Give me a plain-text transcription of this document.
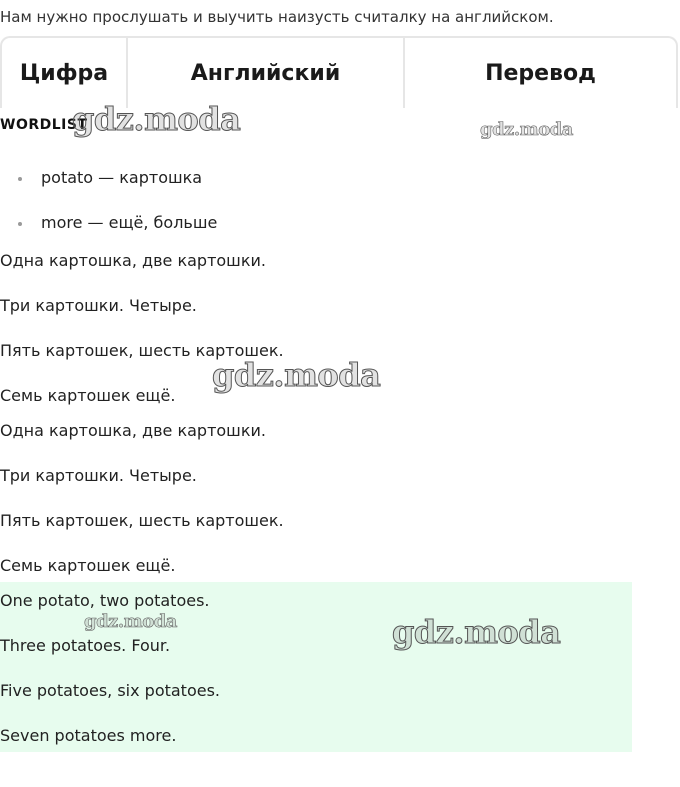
Нам нужно прослушать и выучить наизусть считалку на английском.
Цифра	Английский	Перевод
WORDLIST
potato — картошка
more — ещё, больше
Одна картошка, две картошки.
Три картошки. Четыре.
Пять картошек, шесть картошек.
Семь картошек ещё.
Одна картошка, две картошки.
Три картошки. Четыре.
Пять картошек, шесть картошек.
Семь картошек ещё.
One potato, two potatoes.
Three potatoes. Four.
Five potatoes, six potatoes.
Seven potatoes more.
gdz.moda	gdz.moda
gdz.moda
gdz.moda	gdz.moda
